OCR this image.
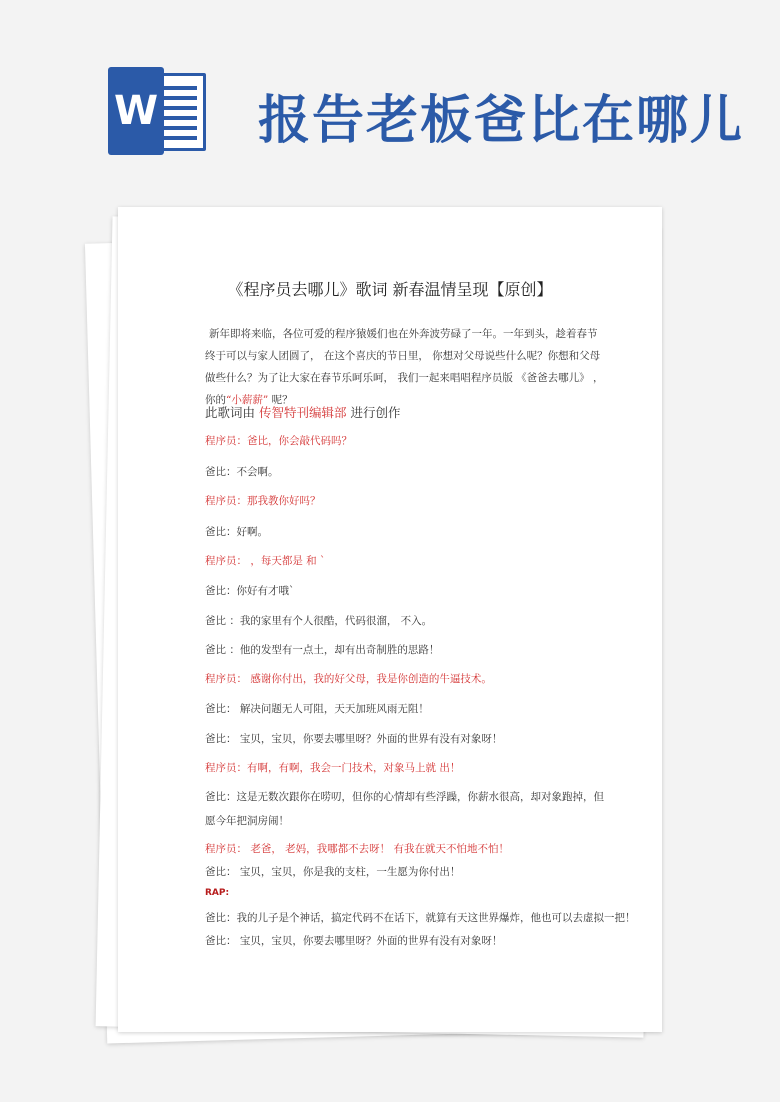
W 报告老板爸比在哪儿
《程序员去哪儿》歌词 新春温情呈现【原创】
新年即将来临，各位可爱的程序猿媛们也在外奔波劳碌了一年。一年到头，趁着春节终于可以与家人团圆了， 在这个喜庆的节日里， 你想对父母说些什么呢？你想和父母做些什么？为了让大家在春节乐呵乐呵， 我们一起来唱唱程序员版 《爸爸去哪儿》 ，你的“小薪薪” 呢？
此歌词由 传智特刊编辑部 进行创作
程序员：爸比，你会敲代码吗？
爸比：不会啊。
程序员：那我教你好吗？
爸比：好啊。
程序员： ，每天都是 和 `
爸比：你好有才哦`
爸比 ：我的家里有个人很酷，代码很溜， 不入。
爸比 ：他的发型有一点土，却有出奇制胜的思路！
程序员： 感谢你付出，我的好父母，我是你创造的牛逼技术。
爸比： 解决问题无人可阻，天天加班风雨无阻！
爸比： 宝贝，宝贝，你要去哪里呀？外面的世界有没有对象呀！
程序员：有啊，有啊，我会一门技术，对象马上就 出！
爸比：这是无数次跟你在唠叨，但你的心情却有些浮躁，你薪水很高，却对象跑掉，但愿今年把洞房闹！
程序员： 老爸， 老妈，我哪都不去呀！ 有我在就天不怕地不怕！
爸比： 宝贝，宝贝，你是我的支柱，一生愿为你付出！
RAP:
爸比：我的儿子是个神话，搞定代码不在话下，就算有天这世界爆炸，他也可以去虚拟一把！
爸比： 宝贝，宝贝，你要去哪里呀？外面的世界有没有对象呀！
